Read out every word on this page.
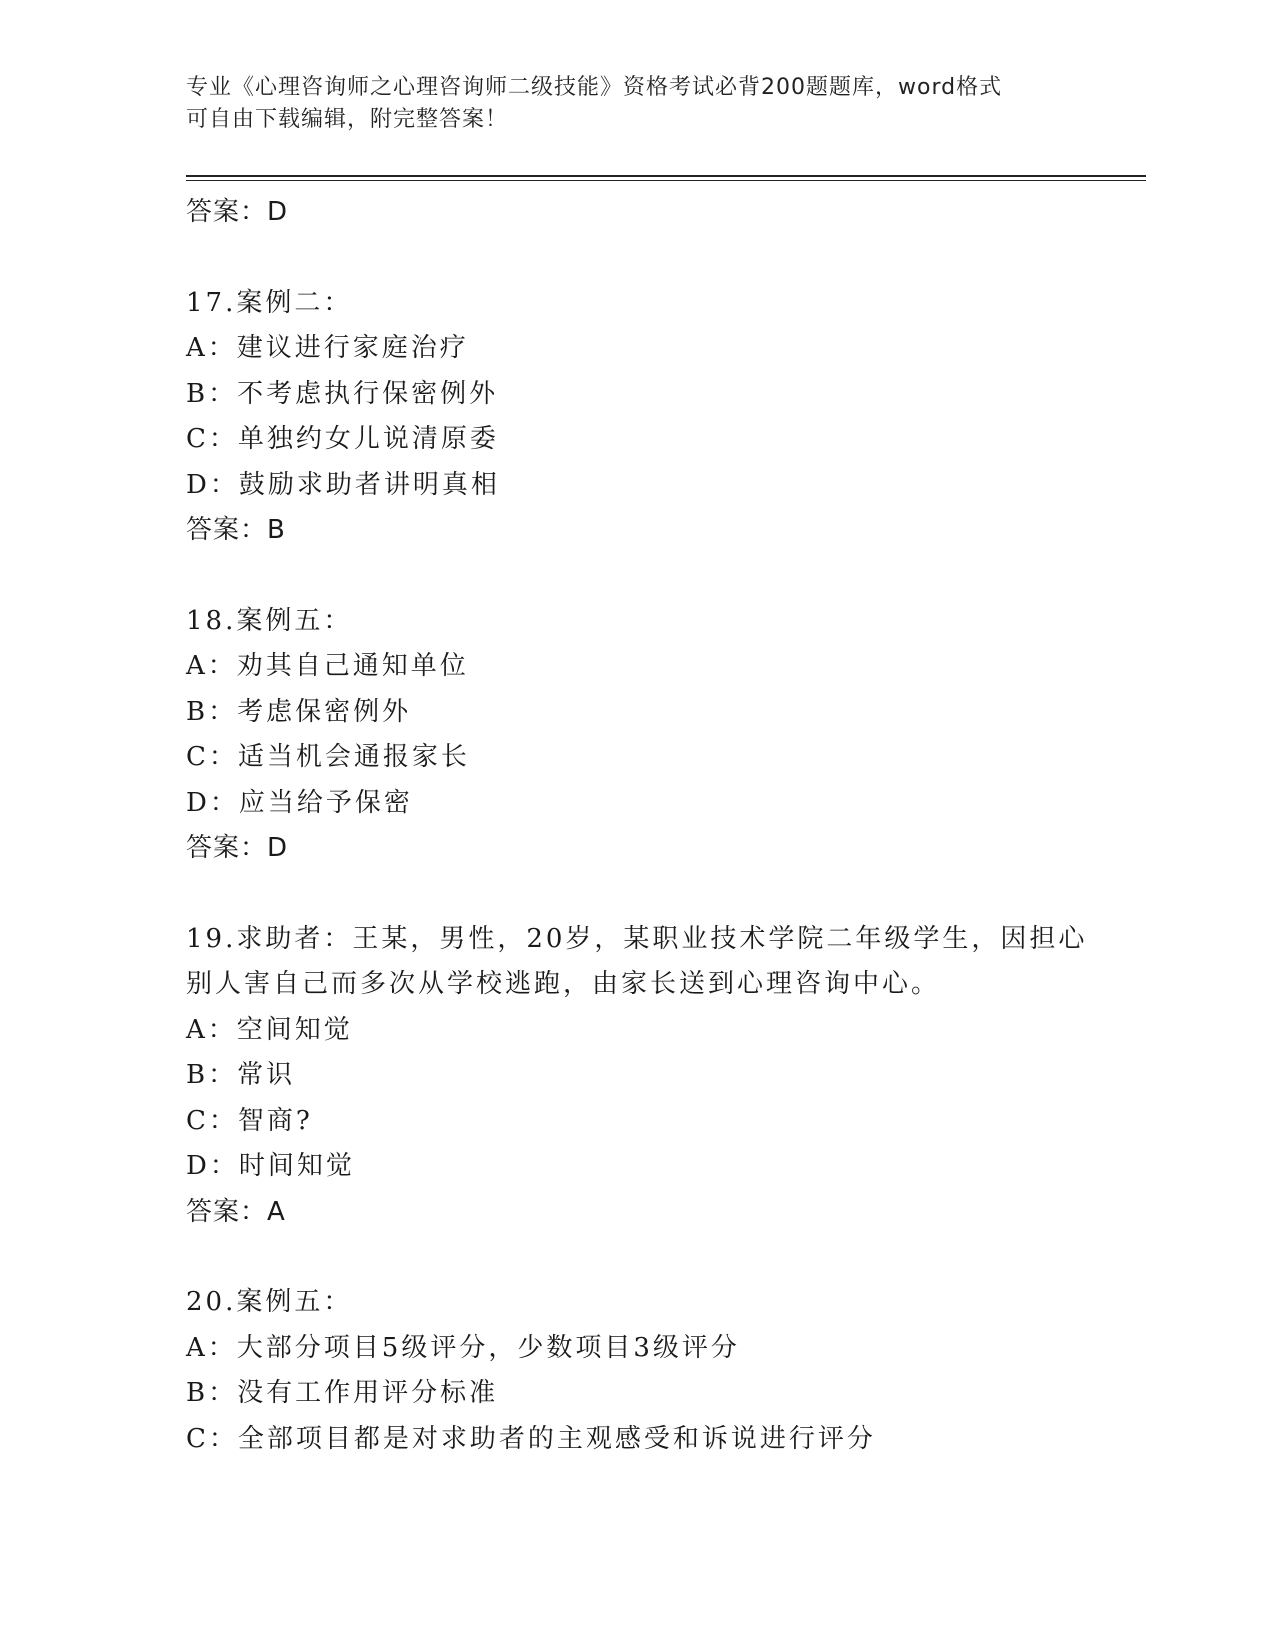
专业《心理咨询师之心理咨询师二级技能》资格考试必背200题题库，word格式
可自由下载编辑，附完整答案！
答案：D
17.案例二：
A：建议进行家庭治疗
B：不考虑执行保密例外
C：单独约女儿说清原委
D：鼓励求助者讲明真相
答案：B
18.案例五：
A：劝其自己通知单位
B：考虑保密例外
C：适当机会通报家长
D：应当给予保密
答案：D
19.求助者：王某，男性，20岁，某职业技术学院二年级学生，因担心
别人害自己而多次从学校逃跑，由家长送到心理咨询中心。
A：空间知觉
B：常识
C：智商?
D：时间知觉
答案：A
20.案例五：
A：大部分项目5级评分，少数项目3级评分
B：没有工作用评分标准
C：全部项目都是对求助者的主观感受和诉说进行评分
